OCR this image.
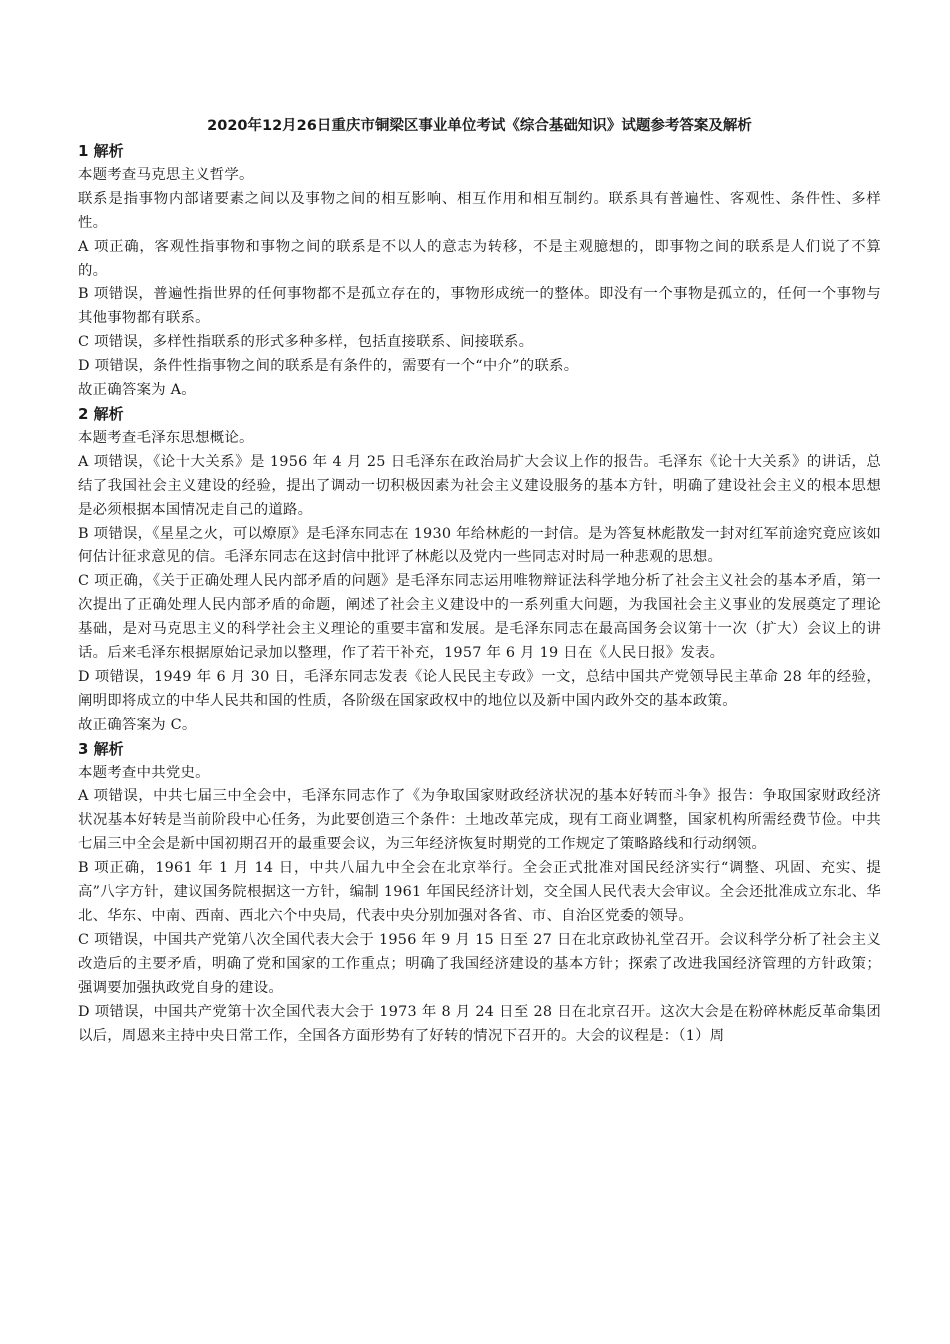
2020年12月26日重庆市铜梁区事业单位考试《综合基础知识》试题参考答案及解析
1 解析

本题考查马克思主义哲学。

联系是指事物内部诸要素之间以及事物之间的相互影响、相互作用和相互制约。联系具有普遍性、客观性、条件性、多样性。

A 项正确，客观性指事物和事物之间的联系是不以人的意志为转移，不是主观臆想的，即事物之间的联系是人们说了不算的。

B 项错误，普遍性指世界的任何事物都不是孤立存在的，事物形成统一的整体。即没有一个事物是孤立的，任何一个事物与其他事物都有联系。

C 项错误，多样性指联系的形式多种多样，包括直接联系、间接联系。

D 项错误，条件性指事物之间的联系是有条件的，需要有一个“中介”的联系。

故正确答案为 A。

2 解析

本题考查毛泽东思想概论。

A 项错误，《论十大关系》是 1956 年 4 月 25 日毛泽东在政治局扩大会议上作的报告。毛泽东《论十大关系》的讲话，总结了我国社会主义建设的经验，提出了调动一切积极因素为社会主义建设服务的基本方针，明确了建设社会主义的根本思想是必须根据本国情况走自己的道路。

B 项错误，《星星之火，可以燎原》是毛泽东同志在 1930 年给林彪的一封信。是为答复林彪散发一封对红军前途究竟应该如何估计征求意见的信。毛泽东同志在这封信中批评了林彪以及党内一些同志对时局一种悲观的思想。

C 项正确，《关于正确处理人民内部矛盾的问题》是毛泽东同志运用唯物辩证法科学地分析了社会主义社会的基本矛盾，第一次提出了正确处理人民内部矛盾的命题，阐述了社会主义建设中的一系列重大问题，为我国社会主义事业的发展奠定了理论基础，是对马克思主义的科学社会主义理论的重要丰富和发展。是毛泽东同志在最高国务会议第十一次（扩大）会议上的讲话。后来毛泽东根据原始记录加以整理，作了若干补充，1957 年 6 月 19 日在《人民日报》发表。

D 项错误，1949 年 6 月 30 日，毛泽东同志发表《论人民民主专政》一文，总结中国共产党领导民主革命 28 年的经验，阐明即将成立的中华人民共和国的性质，各阶级在国家政权中的地位以及新中国内政外交的基本政策。

故正确答案为 C。

3 解析

本题考查中共党史。

A 项错误，中共七届三中全会中，毛泽东同志作了《为争取国家财政经济状况的基本好转而斗争》报告：争取国家财政经济状况基本好转是当前阶段中心任务，为此要创造三个条件：土地改革完成，现有工商业调整，国家机构所需经费节俭。中共七届三中全会是新中国初期召开的最重要会议，为三年经济恢复时期党的工作规定了策略路线和行动纲领。

B 项正确，1961 年 1 月 14 日，中共八届九中全会在北京举行。全会正式批准对国民经济实行“调整、巩固、充实、提高”八字方针，建议国务院根据这一方针，编制 1961 年国民经济计划，交全国人民代表大会审议。全会还批准成立东北、华北、华东、中南、西南、西北六个中央局，代表中央分别加强对各省、市、自治区党委的领导。

C 项错误，中国共产党第八次全国代表大会于 1956 年 9 月 15 日至 27 日在北京政协礼堂召开。会议科学分析了社会主义改造后的主要矛盾，明确了党和国家的工作重点；明确了我国经济建设的基本方针；探索了改进我国经济管理的方针政策；强调要加强执政党自身的建设。

D 项错误，中国共产党第十次全国代表大会于 1973 年 8 月 24 日至 28 日在北京召开。这次大会是在粉碎林彪反革命集团以后，周恩来主持中央日常工作，全国各方面形势有了好转的情况下召开的。大会的议程是：（1）周
